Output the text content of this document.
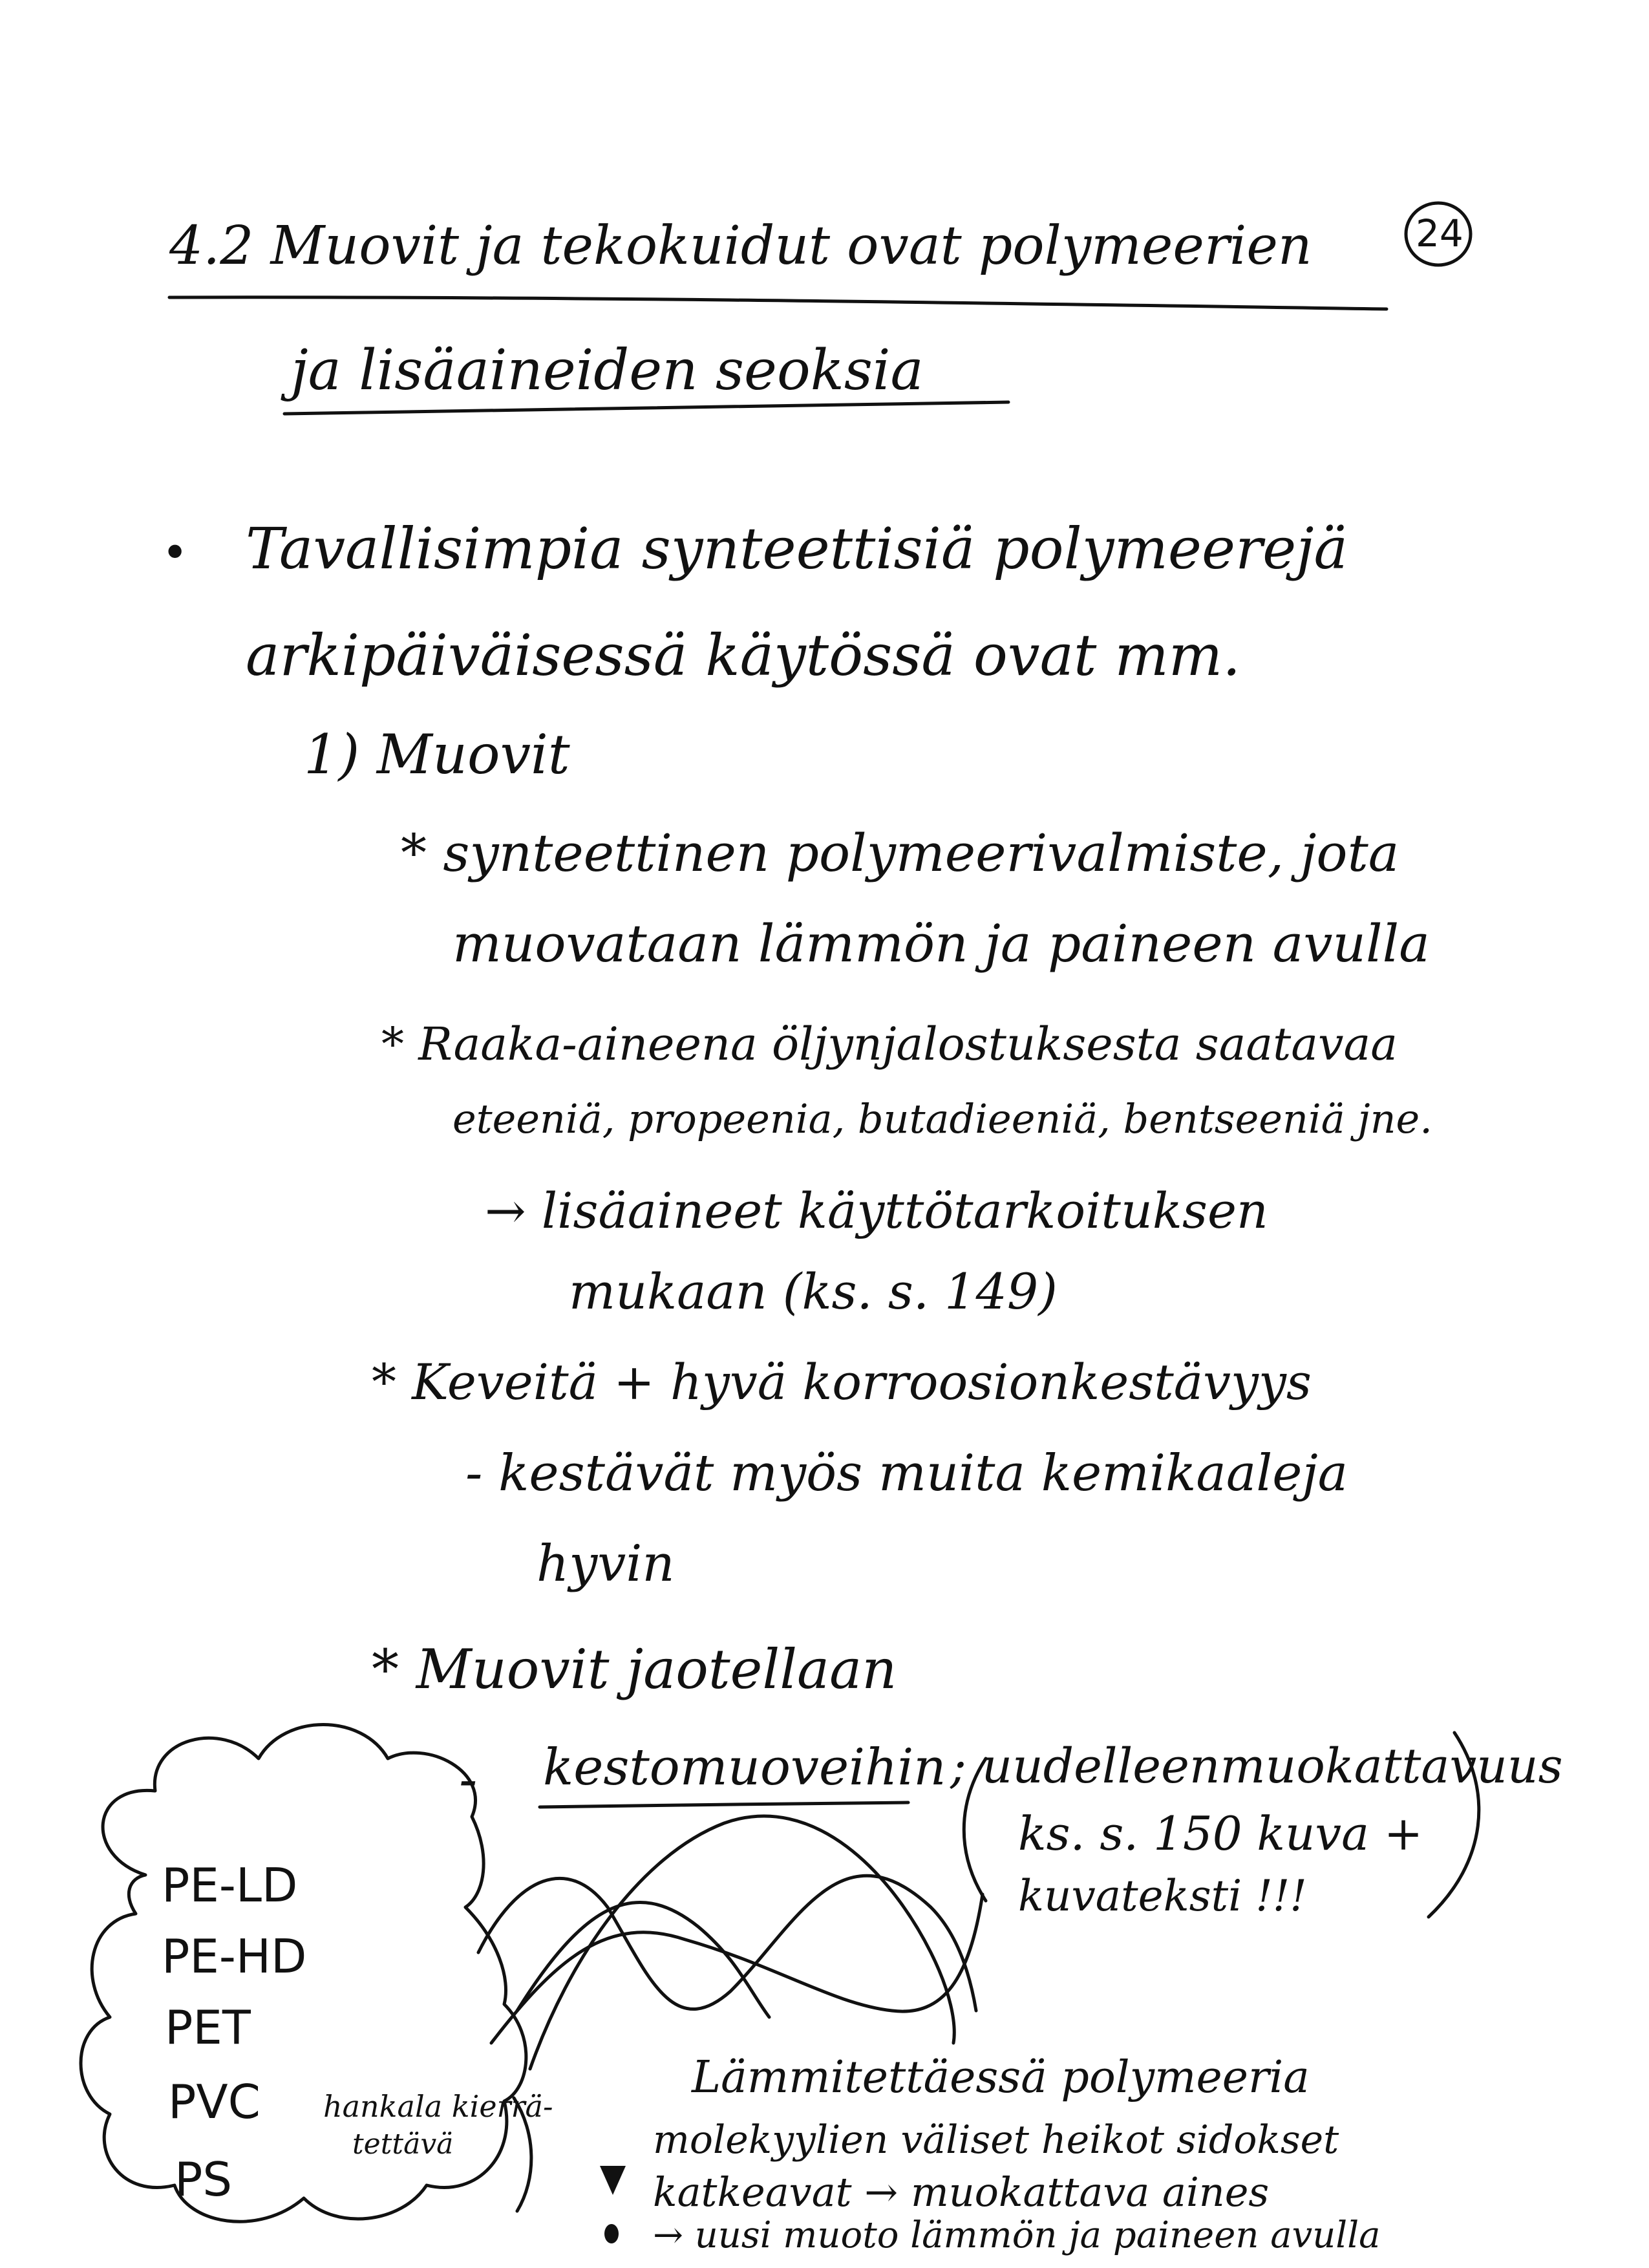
24
4.2 Muovit ja tekokuidut ovat polymeerien
ja lisäaineiden seoksia
• Tavallisimpia synteettisiä polymeerejä
arkipäiväisessä käytössä ovat mm.
1) Muovit
* synteettinen polymeerivalmiste, jota
muovataan lämmön ja paineen avulla
* Raaka-aineena öljynjalostuksesta saatavaa
eteeniä, propeenia, butadieeniä, bentseeniä jne.
→ lisäaineet käyttötarkoituksen
mukaan (ks. s. 149)
* Keveitä + hyvä korroosionkestävyys
- kestävät myös muita kemikaaleja
hyvin
* Muovit jaotellaan
- kestomuoveihin ; uudelleenmuokattavuus
ks. s. 150 kuva +
kuvateksti !!!
PE-LD
PE-HD
PET
PVC
PS
hankala kierrä-
tettävä
Lämmitettäessä polymeeria
molekyylien väliset heikot sidokset
katkeavat → muokattava aines
→ uusi muoto lämmön ja paineen avulla
